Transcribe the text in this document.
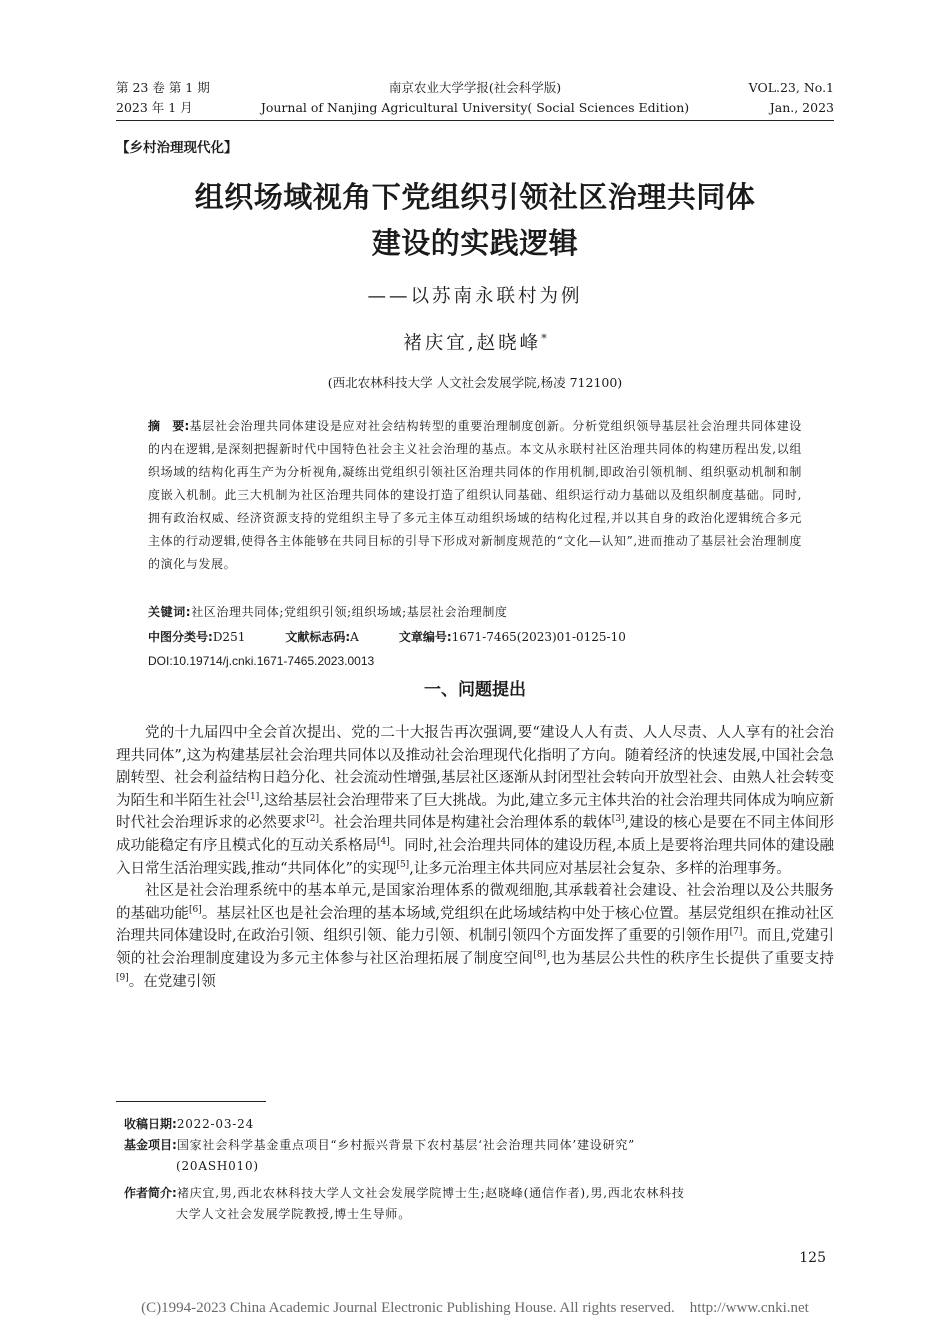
第 23 卷 第 1 期
2023 年 1 月
南京农业大学学报(社会科学版)
Journal of Nanjing Agricultural University( Social Sciences Edition)
VOL.23, No.1
Jan., 2023
【乡村治理现代化】
组织场域视角下党组织引领社区治理共同体
建设的实践逻辑
——以苏南永联村为例
褚庆宜,赵晓峰*
(西北农林科技大学 人文社会发展学院,杨凌 712100)
摘　要:基层社会治理共同体建设是应对社会结构转型的重要治理制度创新。分析党组织领导基层社会治理共同体建设的内在逻辑,是深刻把握新时代中国特色社会主义社会治理的基点。本文从永联村社区治理共同体的构建历程出发,以组织场域的结构化再生产为分析视角,凝练出党组织引领社区治理共同体的作用机制,即政治引领机制、组织驱动机制和制度嵌入机制。此三大机制为社区治理共同体的建设打造了组织认同基础、组织运行动力基础以及组织制度基础。同时,拥有政治权威、经济资源支持的党组织主导了多元主体互动组织场域的结构化过程,并以其自身的政治化逻辑统合多元主体的行动逻辑,使得各主体能够在共同目标的引导下形成对新制度规范的“文化—认知”,进而推动了基层社会治理制度的演化与发展。
关键词:社区治理共同体;党组织引领;组织场域;基层社会治理制度
中图分类号:D251	文献标志码:A	文章编号:1671-7465(2023)01-0125-10
DOI:10.19714/j.cnki.1671-7465.2023.0013
一、问题提出

党的十九届四中全会首次提出、党的二十大报告再次强调,要“建设人人有责、人人尽责、人人享有的社会治理共同体”,这为构建基层社会治理共同体以及推动社会治理现代化指明了方向。随着经济的快速发展,中国社会急剧转型、社会利益结构日趋分化、社会流动性增强,基层社区逐渐从封闭型社会转向开放型社会、由熟人社会转变为陌生和半陌生社会[1],这给基层社会治理带来了巨大挑战。为此,建立多元主体共治的社会治理共同体成为响应新时代社会治理诉求的必然要求[2]。社会治理共同体是构建社会治理体系的载体[3],建设的核心是要在不同主体间形成功能稳定有序且模式化的互动关系格局[4]。同时,社会治理共同体的建设历程,本质上是要将治理共同体的建设融入日常生活治理实践,推动“共同体化”的实现[5],让多元治理主体共同应对基层社会复杂、多样的治理事务。

社区是社会治理系统中的基本单元,是国家治理体系的微观细胞,其承载着社会建设、社会治理以及公共服务的基础功能[6]。基层社区也是社会治理的基本场域,党组织在此场域结构中处于核心位置。基层党组织在推动社区治理共同体建设时,在政治引领、组织引领、能力引领、机制引领四个方面发挥了重要的引领作用[7]。而且,党建引领的社会治理制度建设为多元主体参与社区治理拓展了制度空间[8],也为基层公共性的秩序生长提供了重要支持[9]。在党建引领

收稿日期:2022-03-24
基金项目:国家社会科学基金重点项目“乡村振兴背景下农村基层‘社会治理共同体’建设研究”
(20ASH010)
作者简介:褚庆宜,男,西北农林科技大学人文社会发展学院博士生;赵晓峰(通信作者),男,西北农林科技
大学人文社会发展学院教授,博士生导师。
125
(C)1994-2023 China Academic Journal Electronic Publishing House. All rights reserved.　http://www.cnki.net
